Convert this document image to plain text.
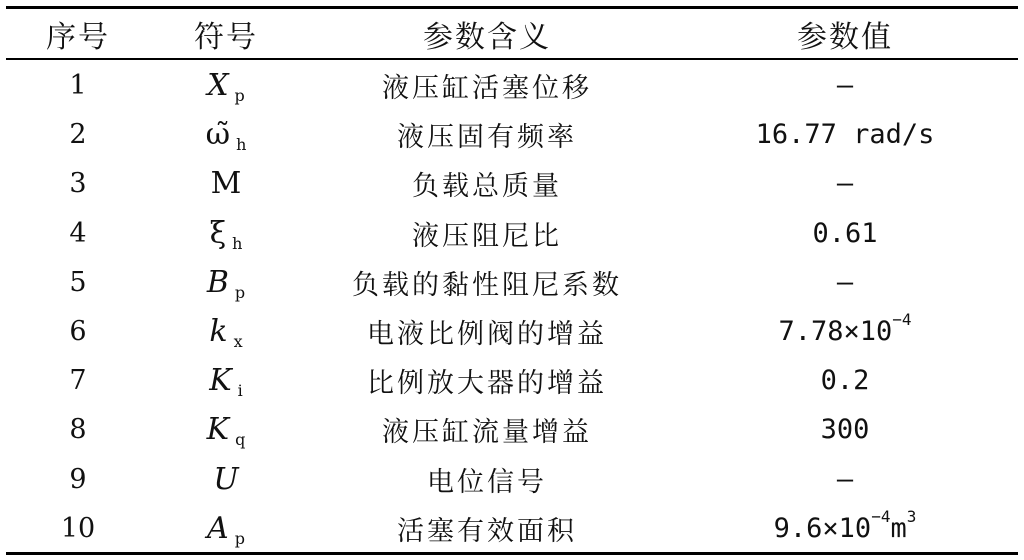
序号	符号	参数含义	参数值
1	X p	液压缸活塞位移	—
2	ω̃ h	液压固有频率	16.77 rad/s
3	M	负载总质量	—
4	ξ h	液压阻尼比	0.61
5	B p	负载的黏性阻尼系数	—
6	k x	电液比例阀的增益	7.78×10 −4
7	K i	比例放大器的增益	0.2
8	K q	液压缸流量增益	300
9	U	电位信号	—
10	A p	活塞有效面积	9.6×10 −4 m 3
